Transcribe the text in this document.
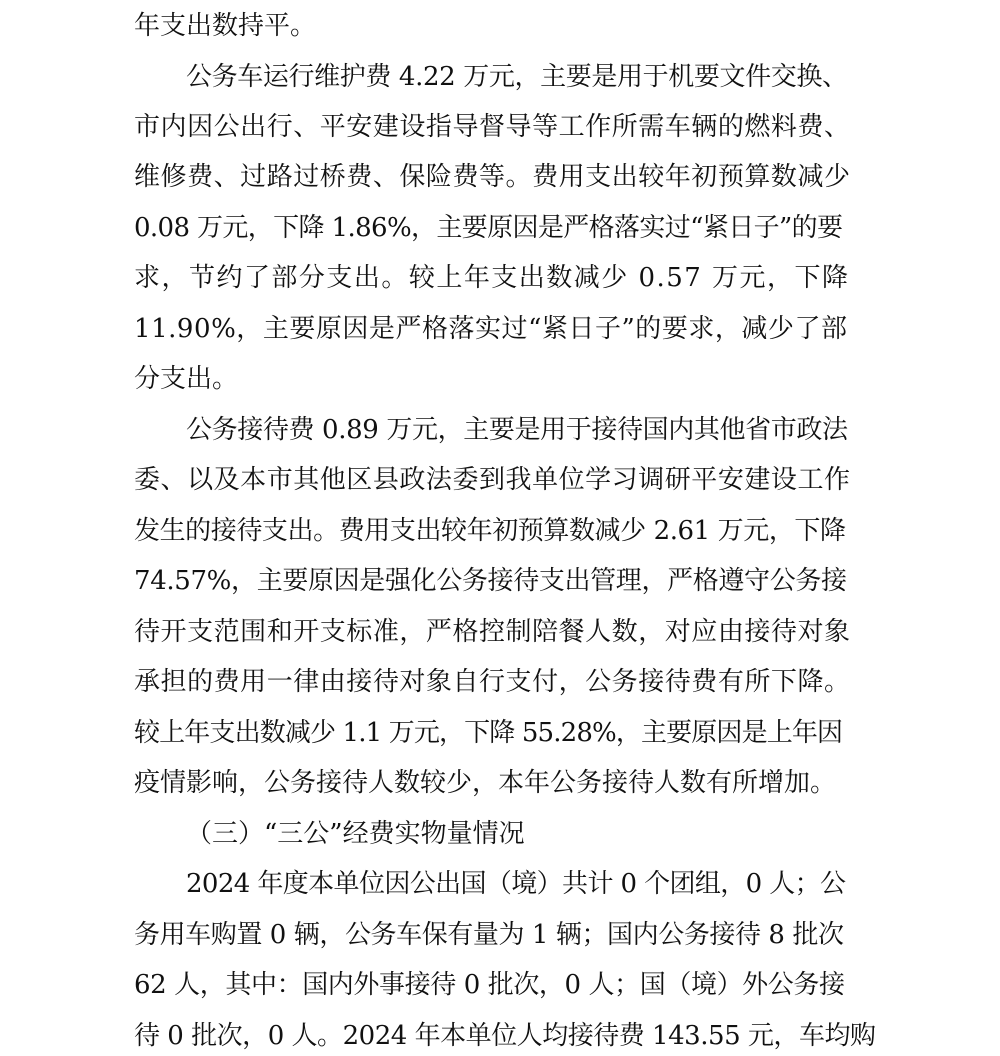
年支出数持平。
公务车运行维护费 4.22 万元，主要是用于机要文件交换、
市内因公出行、平安建设指导督导等工作所需车辆的燃料费、
维修费、过路过桥费、保险费等。费用支出较年初预算数减少
0.08 万元，下降 1.86%，主要原因是严格落实过“紧日子”的要
求，节约了部分支出。较上年支出数减少 0.57 万元，下降
11.90%，主要原因是严格落实过“紧日子”的要求，减少了部
分支出。
公务接待费 0.89 万元，主要是用于接待国内其他省市政法
委、以及本市其他区县政法委到我单位学习调研平安建设工作
发生的接待支出。费用支出较年初预算数减少 2.61 万元，下降
74.57%，主要原因是强化公务接待支出管理，严格遵守公务接
待开支范围和开支标准，严格控制陪餐人数，对应由接待对象
承担的费用一律由接待对象自行支付，公务接待费有所下降。
较上年支出数减少 1.1 万元，下降 55.28%，主要原因是上年因
疫情影响，公务接待人数较少，本年公务接待人数有所增加。
（三）“三公”经费实物量情况
2024 年度本单位因公出国（境）共计 0 个团组，0 人；公
务用车购置 0 辆，公务车保有量为 1 辆；国内公务接待 8 批次
62 人，其中：国内外事接待 0 批次，0 人；国（境）外公务接
待 0 批次，0 人。2024 年本单位人均接待费 143.55 元，车均购
